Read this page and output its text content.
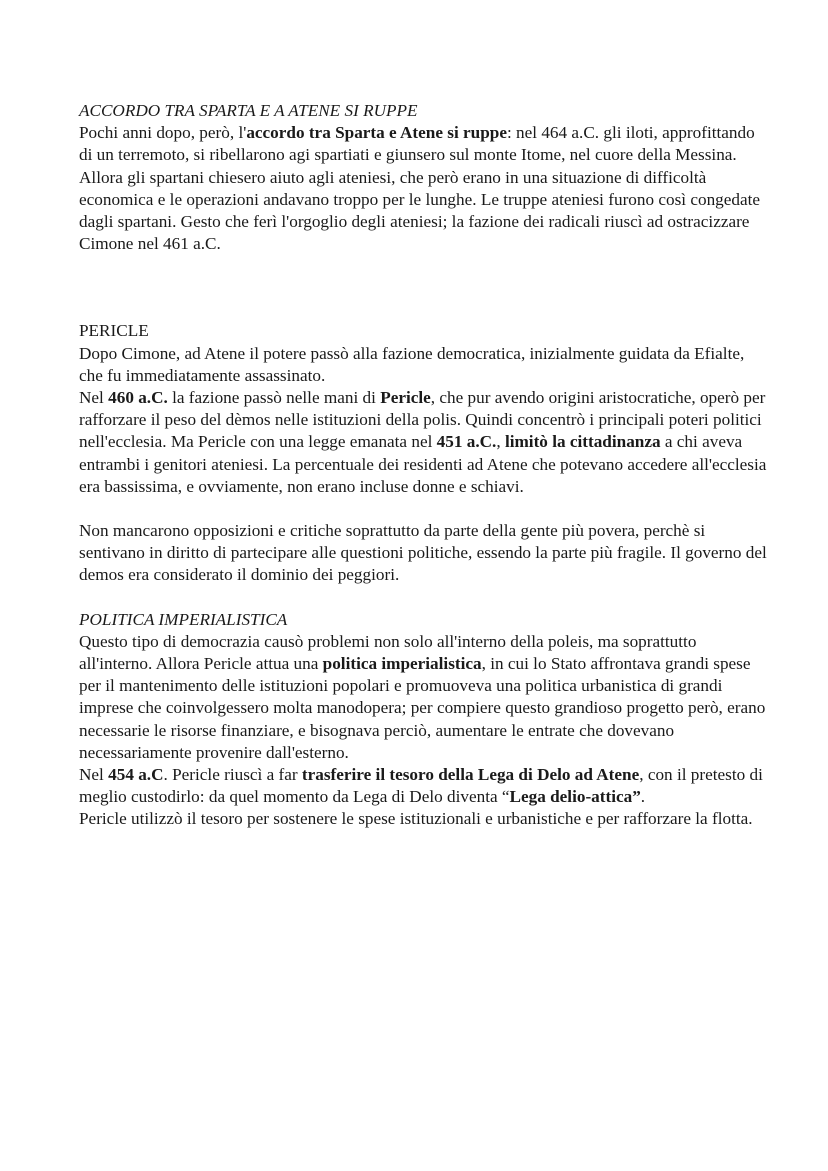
ACCORDO TRA SPARTA E A ATENE SI RUPPE

Pochi anni dopo, però, l'accordo tra Sparta e Atene si ruppe: nel 464 a.C. gli iloti, approfittando di un terremoto, si ribellarono agi spartiati e giunsero sul monte Itome, nel cuore della Messina. Allora gli spartani chiesero aiuto agli ateniesi, che però erano in una situazione di difficoltà economica e le operazioni andavano troppo per le lunghe. Le truppe ateniesi furono così congedate dagli spartani. Gesto che ferì l'orgoglio degli ateniesi; la fazione dei radicali riuscì ad ostracizzare Cimone nel 461 a.C.

PERICLE

Dopo Cimone, ad Atene il potere passò alla fazione democratica, inizialmente guidata da Efialte, che fu immediatamente assassinato.

Nel 460 a.C. la fazione passò nelle mani di Pericle, che pur avendo origini aristocratiche, operò per rafforzare il peso del dèmos nelle istituzioni della polis. Quindi concentrò i principali poteri politici nell'ecclesia. Ma Pericle con una legge emanata nel 451 a.C., limitò la cittadinanza a chi aveva entrambi i genitori ateniesi. La percentuale dei residenti ad Atene che potevano accedere all'ecclesia era bassissima, e ovviamente, non erano incluse donne e schiavi.

Non mancarono opposizioni e critiche soprattutto da parte della gente più povera, perchè si sentivano in diritto di partecipare alle questioni politiche, essendo la parte più fragile. Il governo del demos era considerato il dominio dei peggiori.

POLITICA IMPERIALISTICA

Questo tipo di democrazia causò problemi non solo all'interno della poleis, ma soprattutto all'interno. Allora Pericle attua una politica imperialistica, in cui lo Stato affrontava grandi spese per il mantenimento delle istituzioni popolari e promuoveva una politica urbanistica di grandi imprese che coinvolgessero molta manodopera; per compiere questo grandioso progetto però, erano necessarie le risorse finanziare, e bisognava perciò, aumentare le entrate che dovevano necessariamente provenire dall'esterno.

Nel 454 a.C. Pericle riuscì a far trasferire il tesoro della Lega di Delo ad Atene, con il pretesto di meglio custodirlo: da quel momento da Lega di Delo diventa “Lega delio-attica”.

Pericle utilizzò il tesoro per sostenere le spese istituzionali e urbanistiche e per rafforzare la flotta.
